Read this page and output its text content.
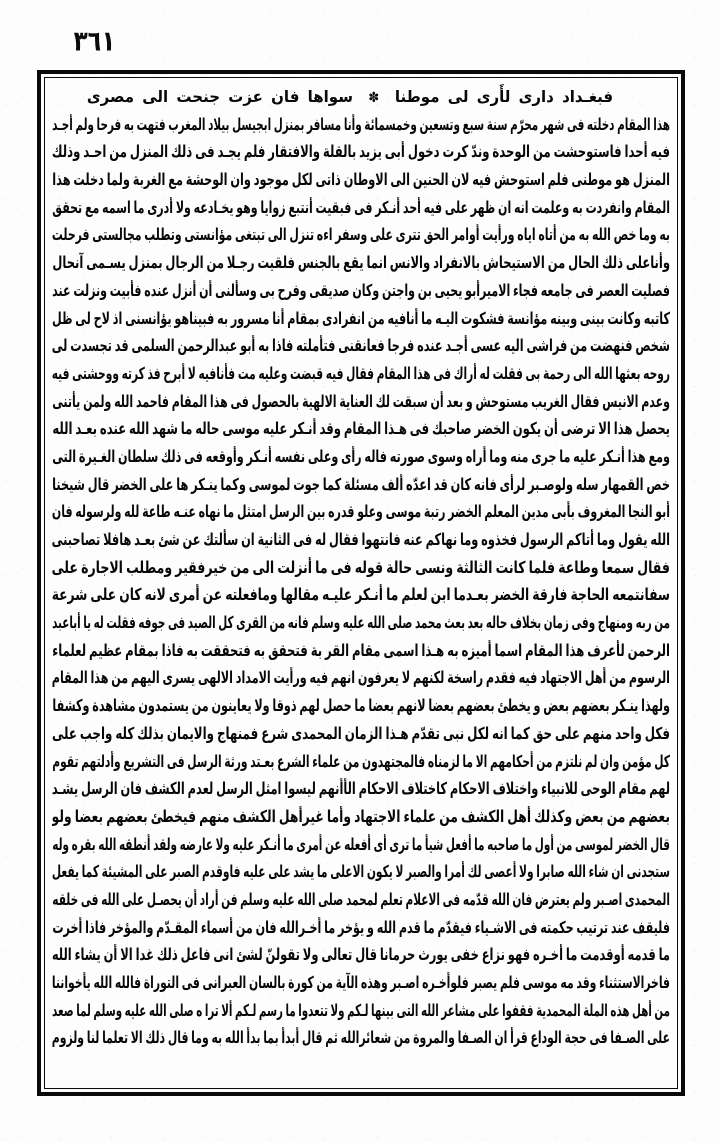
٣٦١
فبغـداد دارى لأَرى لى موطنا ✽ سواها فان عزت جنحت الى مصرى
هذا المقام دخلته فى شهر محرّم سنة سبع وتسعين وخمسمائة وأنا مسافر بمنزل ابجيسل بيلاد المغرب فتهت به فرحا ولم أجـد
فيه أحدا فاستوحشت من الوحدة وندّ كرت دخول أبى يزيد بالقلة والافتقار فلم يجـد فى ذلك المنزل من احـد وذلك
المنزل هو موطنى فلم استوحش فيه لان الحنين الى الاوطان ذاتى لكل موجود وان الوحشة مع الغربة ولما دخلت هذا
المقام وانفردت به وعلمت انه ان ظهر على فيه أحد أنـكر فى فبقيت أنتبع زوايا وهو يخـادعه ولا أدرى ما اسمه مع تحقق
به وما خص الله به من أتاه اياه ورأيت أوامر الحق تترى على وسفر اءه تنزل الى تبتغى مؤانستى وتطلب مجالستى فرحلت
وأناعلى ذلك الحال من الاستيحاش بالانفراد والانس انما يقع بالجنس فلقيت رجـلا من الرجال بمنزل يسـمى آنحال
فصليت العصر فى جامعه فجاء الاميرأبو يحيى بن واجتن وكان صديقى وفرح بى وسألنى أن أنزل عنده فأبيت ونزلت عند
كاتبه وكانت بينى وبينه مؤانسة فشكوت اليـه ما أنافيه من انفرادى بمقام أنا مسرور به فبيناهو يؤانسنى اذ لاح لى ظل
شخص فنهضت من فراشى اليه عسى أجـد عنده فرجا فعانقنى فتأملته فاذا به أبو عبدالرحمن السلمى قد تجسدت لى
روحه بعثها الله الى رحمة بى فقلت له أراك فى هذا المقام فقال فيه قبضت وعليه مت فأنافيه لا أبرح فذ كرته ووحشتى فيه
وعدم الانيس فقال الغريب مستوحش و بعد أن سبقت لك العناية الالهية بالحصول فى هذا المقام فاحمد الله ولمن يأتنى
يحصل هذا الا ترضى أن يكون الخضر صاحبك فى هـذا المقام وقد أنـكر عليه موسى حاله ما شهد الله عنده بعـد الله
ومع هذا أنـكر عليه ما جرى منه وما أراه وسوى صورته فاله رأى وعلى نفسه أنـكر وأوقعه فى ذلك سلطان الغـيرة التى
خص القمهار سله ولوصـبر لرأى فانه كان قد اعدّه ألف مسئلة كما جوت لموسى وكما ينـكر ها على الخضر قال شيخنا
أبو النجا المغروف بأبى مدين المعلم الخضر رتبة موسى وعلو قدره بين الرسل امتثل ما نهاه عنـه طاعة لله ولرسوله فان
الله يقول وما أتاكم الرسول فخذوه وما نهاكم عنه فانتهوا فقال له فى الثانية ان سألتك عن شئ بعـد هافلا تصاحبنى
فقال سمعا وطاعة فلما كانت الثالثة ونسى حالة قوله فى ما أنزلت الى من خيرفقير ومطلب الاجارة على
سفانتمعه الحاجة فارقة الخضر بعـدما ابن لعلم ما أنـكر عليـه مقالها ومافعلته عن أمرى لانه كان على شرعة
من ربه ومنهاج وفى زمان بخلاف حاله بعد بعث محمد صلى الله عليه وسلم فانه من القرى كل الصيد فى جوفه فقلت له يا أباعبد
الرحمن لأعرف هذا المقام اسما أميزه به هـذا اسمى مقام القر بة فتحقق به فتحققت به فاذا بمقام عظيم لعلماء
الرسوم من أهل الاجتهاد فيه فقدم راسخة لكنهم لا يعرفون انهم فيه ورأيت الامداد الالهى يسرى اليهم من هذا المقام
ولهذا ينـكر بعضهم بعض و يخطئ بعضهم بعضا لانهم بعضا ما حصل لهم ذوقا ولا يعاينون من يستمدون مشاهدة وكشفا
فكل واحد منهم على حق كما انه لكل نبى تقدّم هـذا الزمان المحمدى شرع فمنهاج والايمان بذلك كله واجب على
كل مؤمن وان لم نلتزم من أحكامهم الا ما لزمناه فالمجتهدون من علماء الشرع بعـتد ورثة الرسل فى التشريع وأدلتهم تقوم
لهم مقام الوحى للانبياء واختلاف الاحكام كاختلاف الاحكام الأأنهم ليسوا امثل الرسل لعدم الكشف فان الرسل يشـد
بعضهم من بعض وكذلك أهل الكشف من علماء الاجتهاد وأما غيرأهل الكشف منهم فيخطئ بعضهم بعضا ولو
قال الخضر لموسى من أول ما صاحبه ما أفعل شيأ ما ترى أى أفعله عن أمرى ما أنـكر عليه ولا عارضه ولقد أنطقه الله بقره وله
ستجدنى ان شاء الله صابرا ولا أعصى لك أمرا والصبر لا يكون الاعلى ما يشد على عليه فاوقدم الصبر على المشيئة كما يفعل
المحمدى اصـبر ولم يعترض فان الله قدّمه فى الاعلام تعلم لمحمد صلى الله عليه وسلم فن أراد أن يحصـل على الله فى خلقه
فليقف عند ترتيب حكمته فى الاشـياء فيقدّم ما قدم الله و يؤخر ما أخـرالله فان من أسماء المقـدّم والمؤخر فاذا أخرت
ما قدمه أوقدمت ما أخـره فهو نزاع خفى يورث حرمانا قال تعالى ولا تقولنّ لشئ انى فاعل ذلك غدا الا أن يشاء الله
فاخرالاستثناء وقد مه موسى فلم يصبر فلوأخـره اصـبر وهذه الآية من كورة بالسان العبرانى فى التوراة فالله الله يأخواننا
من أهل هذه الملة المحمدية فقفوا على مشاعر الله التى بينها لـكم ولا تتعدوا ما رسم لـكم ألا ترا ه صلى الله عليه وسلم لما صعد
على الصـفا فى حجة الوداع قرأ ان الصـفا والمروة من شعائرالله ثم قال أبدأ بما بدأ الله به وما قال ذلك الا تعلما لنا ولزوم
